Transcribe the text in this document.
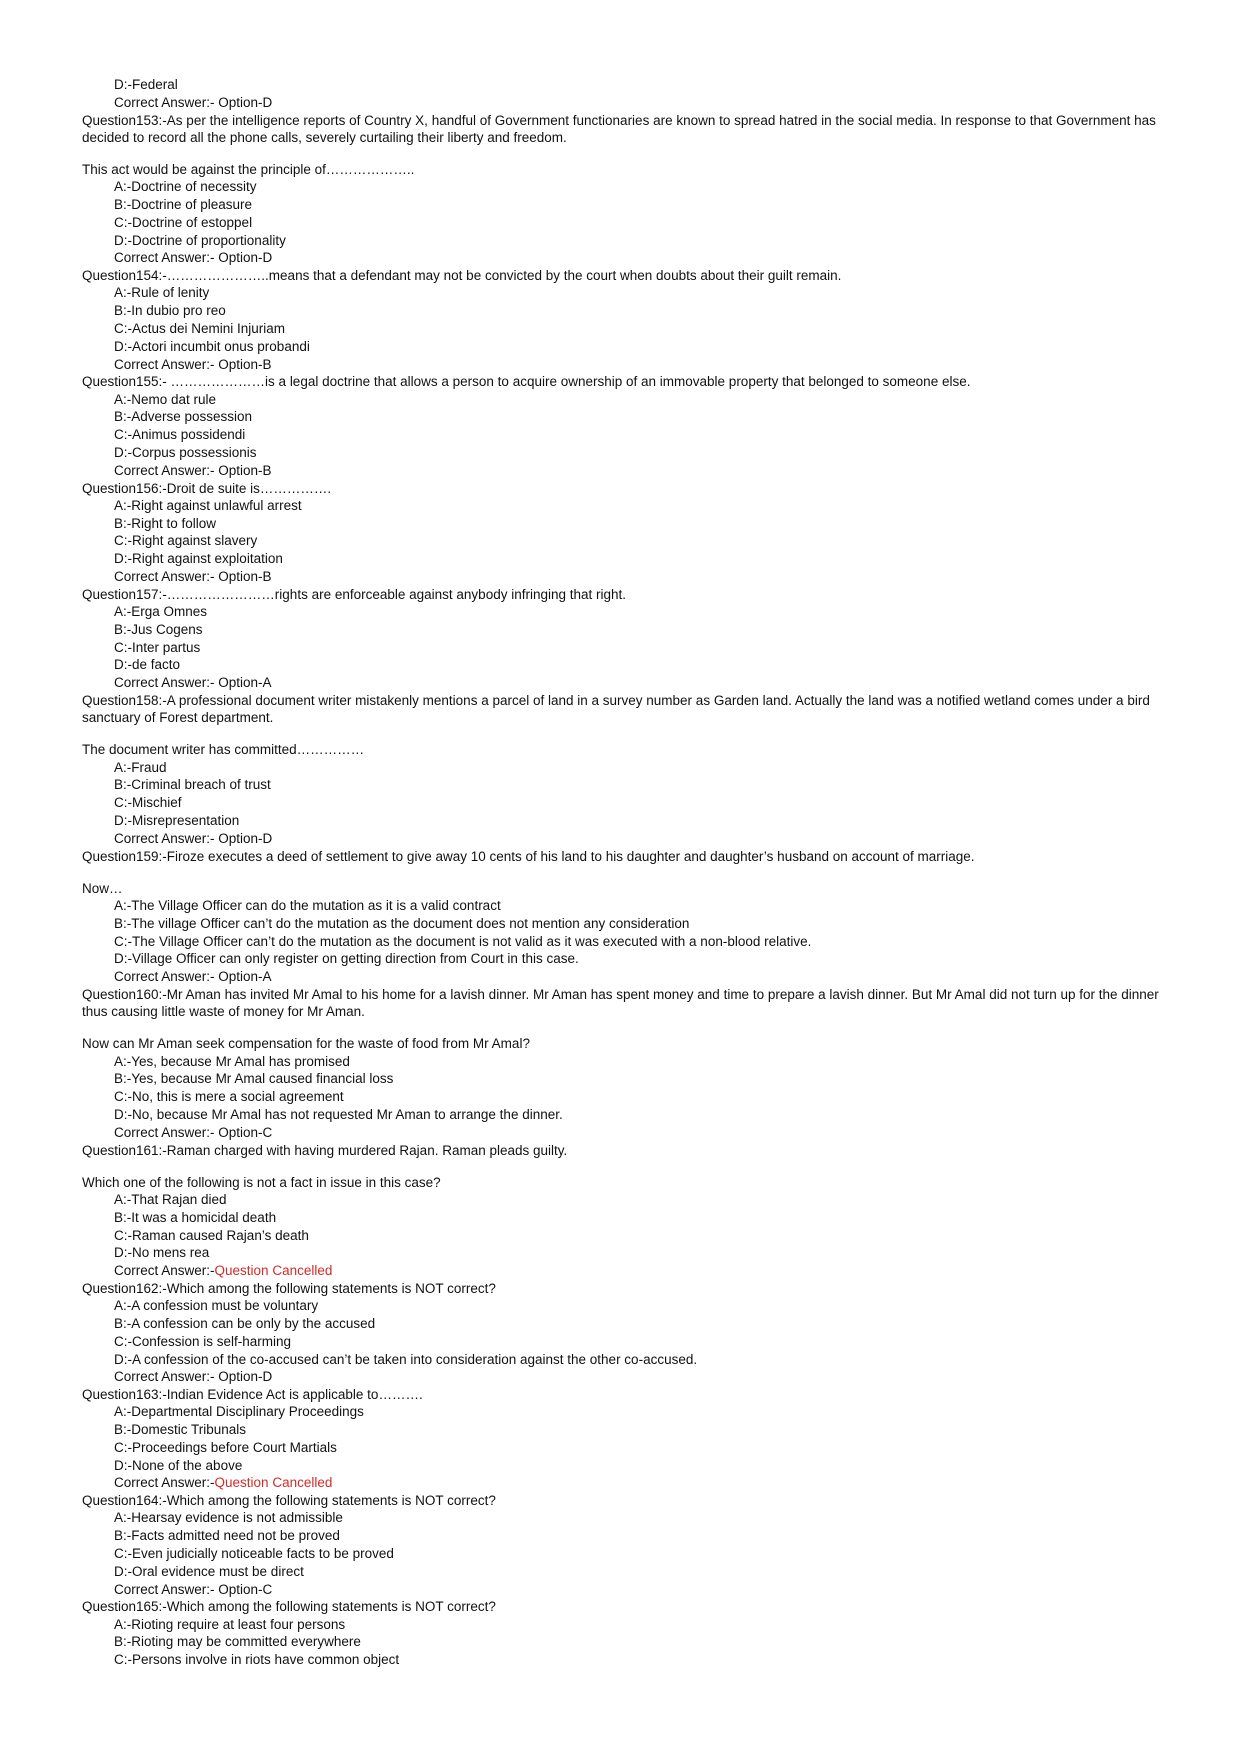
D:-Federal
Correct Answer:- Option-D
Question153:-As per the intelligence reports of Country X, handful of Government functionaries are known to spread hatred in the social media. In response to that Government has decided to record all the phone calls, severely curtailing their liberty and freedom.
This act would be against the principle of………………..
A:-Doctrine of necessity
B:-Doctrine of pleasure
C:-Doctrine of estoppel
D:-Doctrine of proportionality
Correct Answer:- Option-D
Question154:-…………………..means that a defendant may not be convicted by the court when doubts about their guilt remain.
A:-Rule of lenity
B:-In dubio pro reo
C:-Actus dei Nemini Injuriam
D:-Actori incumbit onus probandi
Correct Answer:- Option-B
Question155:- …………………is a legal doctrine that allows a person to acquire ownership of an immovable property that belonged to someone else.
A:-Nemo dat rule
B:-Adverse possession
C:-Animus possidendi
D:-Corpus possessionis
Correct Answer:- Option-B
Question156:-Droit de suite is…………….
A:-Right against unlawful arrest
B:-Right to follow
C:-Right against slavery
D:-Right against exploitation
Correct Answer:- Option-B
Question157:-……………………rights are enforceable against anybody infringing that right.
A:-Erga Omnes
B:-Jus Cogens
C:-Inter partus
D:-de facto
Correct Answer:- Option-A
Question158:-A professional document writer mistakenly mentions a parcel of land in a survey number as Garden land. Actually the land was a notified wetland comes under a bird sanctuary of Forest department.
The document writer has committed……………
A:-Fraud
B:-Criminal breach of trust
C:-Mischief
D:-Misrepresentation
Correct Answer:- Option-D
Question159:-Firoze executes a deed of settlement to give away 10 cents of his land to his daughter and daughter’s husband on account of marriage.
Now…
A:-The Village Officer can do the mutation as it is a valid contract
B:-The village Officer can’t do the mutation as the document does not mention any consideration
C:-The Village Officer can’t do the mutation as the document is not valid as it was executed with a non-blood relative.
D:-Village Officer can only register on getting direction from Court in this case.
Correct Answer:- Option-A
Question160:-Mr Aman has invited Mr Amal to his home for a lavish dinner. Mr Aman has spent money and time to prepare a lavish dinner. But Mr Amal did not turn up for the dinner thus causing little waste of money for Mr Aman.
Now can Mr Aman seek compensation for the waste of food from Mr Amal?
A:-Yes, because Mr Amal has promised
B:-Yes, because Mr Amal caused financial loss
C:-No, this is mere a social agreement
D:-No, because Mr Amal has not requested Mr Aman to arrange the dinner.
Correct Answer:- Option-C
Question161:-Raman charged with having murdered Rajan. Raman pleads guilty.
Which one of the following is not a fact in issue in this case?
A:-That Rajan died
B:-It was a homicidal death
C:-Raman caused Rajan’s death
D:-No mens rea
Correct Answer:-Question Cancelled
Question162:-Which among the following statements is NOT correct?
A:-A confession must be voluntary
B:-A confession can be only by the accused
C:-Confession is self-harming
D:-A confession of the co-accused can’t be taken into consideration against the other co-accused.
Correct Answer:- Option-D
Question163:-Indian Evidence Act is applicable to……….
A:-Departmental Disciplinary Proceedings
B:-Domestic Tribunals
C:-Proceedings before Court Martials
D:-None of the above
Correct Answer:-Question Cancelled
Question164:-Which among the following statements is NOT correct?
A:-Hearsay evidence is not admissible
B:-Facts admitted need not be proved
C:-Even judicially noticeable facts to be proved
D:-Oral evidence must be direct
Correct Answer:- Option-C
Question165:-Which among the following statements is NOT correct?
A:-Rioting require at least four persons
B:-Rioting may be committed everywhere
C:-Persons involve in riots have common object
